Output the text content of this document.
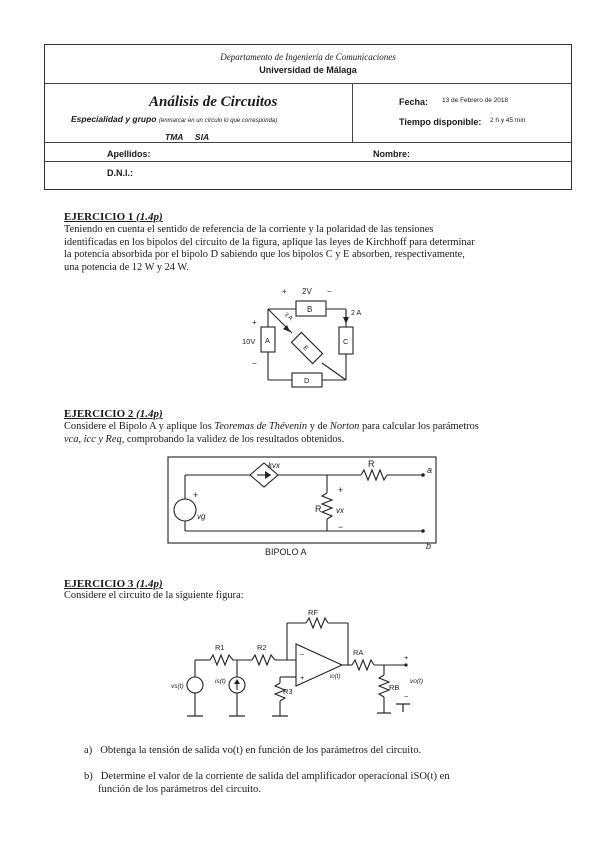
Departamento de Ingeniería de Comunicaciones
Universidad de Málaga
Análisis de Circuitos
Especialidad y grupo (enmarcar en un círculo lo que corresponda)
TMA SIA
Fecha: 13 de Febrero de 2018
Tiempo disponible: 2 h y 45 min
Apellidos:	Nombre:
D.N.I.:
EJERCICIO 1 (1.4p)
Teniendo en cuenta el sentido de referencia de la corriente y la polaridad de las tensiones
identificadas en los bipolos del circuito de la figura, aplique las leyes de Kirchhoff para determinar
la potencia absorbida por el bipolo D sabiendo que los bipolos C y E absorben, respectivamente,
una potencia de 12 W y 24 W.
+ 2V −
B	2 A
3 A
+
10V
−
A
E
C
D
EJERCICIO 2 (1.4p)
Considere el Bipolo A y aplique los Teoremas de Thévenin y de Norton para calcular los parámetros
vca, icc y Req, comprobando la validez de los resultados obtenidos.
kvx	R
a
+
vg
R
+
vx
−
b
BIPOLO A
EJERCICIO 3 (1.4p)
Considere el circuito de la siguiente figura:
RF
R1	R2
R3
RA
RB
vs(t)
is(t)
−
+	io(t)
+
vo(t)
−
a) Obtenga la tensión de salida vo(t) en función de los parámetros del circuito.
b) Determine el valor de la corriente de salida del amplificador operacional iSO(t) en
función de los parámetros del circuito.
